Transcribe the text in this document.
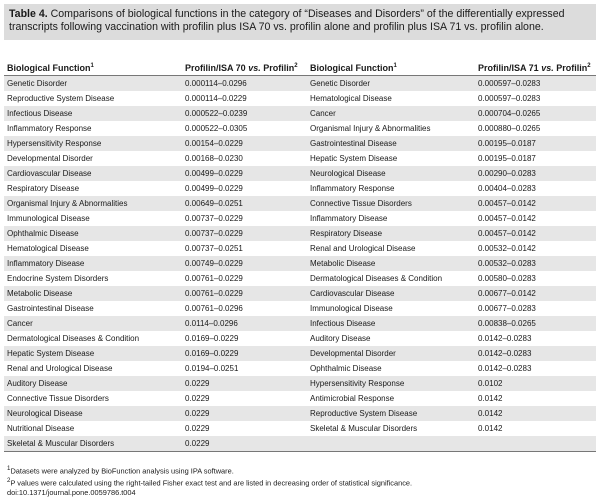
Table 4. Comparisons of biological functions in the category of “Diseases and Disorders” of the differentially expressed transcripts following vaccination with profilin plus ISA 70 vs. profilin alone and profilin plus ISA 71 vs. profilin alone.
Biological Function$^1$	Profilin/ISA 70 vs. Profilin$^2$	Biological Function$^1$	Profilin/ISA 71 vs. Profilin$^2$
Genetic Disorder	0.000114–0.0296	Genetic Disorder	0.000597–0.0283
Reproductive System Disease	0.000114–0.0229	Hematological Disease	0.000597–0.0283
Infectious Disease	0.000522–0.0239	Cancer	0.000704–0.0265
Inflammatory Response	0.000522–0.0305	Organismal Injury & Abnormalities	0.000880–0.0265
Hypersensitivity Response	0.00154–0.0229	Gastrointestinal Disease	0.00195–0.0187
Developmental Disorder	0.00168–0.0230	Hepatic System Disease	0.00195–0.0187
Cardiovascular Disease	0.00499–0.0229	Neurological Disease	0.00290–0.0283
Respiratory Disease	0.00499–0.0229	Inflammatory Response	0.00404–0.0283
Organismal Injury & Abnormalities	0.00649–0.0251	Connective Tissue Disorders	0.00457–0.0142
Immunological Disease	0.00737–0.0229	Inflammatory Disease	0.00457–0.0142
Ophthalmic Disease	0.00737–0.0229	Respiratory Disease	0.00457–0.0142
Hematological Disease	0.00737–0.0251	Renal and Urological Disease	0.00532–0.0142
Inflammatory Disease	0.00749–0.0229	Metabolic Disease	0.00532–0.0283
Endocrine System Disorders	0.00761–0.0229	Dermatological Diseases & Condition	0.00580–0.0283
Metabolic Disease	0.00761–0.0229	Cardiovascular Disease	0.00677–0.0142
Gastrointestinal Disease	0.00761–0.0296	Immunological Disease	0.00677–0.0283
Cancer	0.0114–0.0296	Infectious Disease	0.00838–0.0265
Dermatological Diseases & Condition	0.0169–0.0229	Auditory Disease	0.0142–0.0283
Hepatic System Disease	0.0169–0.0229	Developmental Disorder	0.0142–0.0283
Renal and Urological Disease	0.0194–0.0251	Ophthalmic Disease	0.0142–0.0283
Auditory Disease	0.0229	Hypersensitivity Response	0.0102
Connective Tissue Disorders	0.0229	Antimicrobial Response	0.0142
Neurological Disease	0.0229	Reproductive System Disease	0.0142
Nutritional Disease	0.0229	Skeletal & Muscular Disorders	0.0142
Skeletal & Muscular Disorders	0.0229		
$^1$Datasets were analyzed by BioFunction analysis using IPA software.
$^2$P values were calculated using the right-tailed Fisher exact test and are listed in decreasing order of statistical significance.
doi:10.1371/journal.pone.0059786.t004
